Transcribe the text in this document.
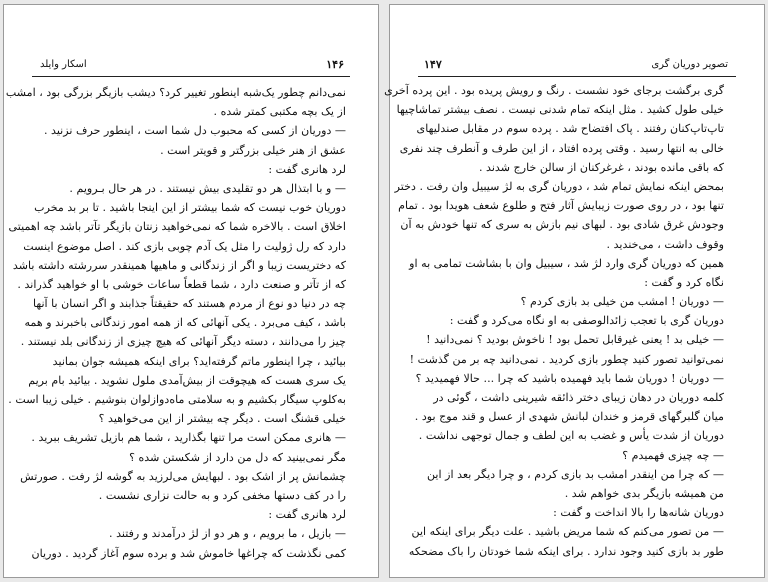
۱۴۶
اسکار وایلد
نمی‌دانم چطور یک‌شبه اینطور تغییر کرد؟ دیشب بازیگر بزرگی بود ، امشب
از یک بچه مکتبی کمتر شده .
— دوریان از کسی که محبوب دل شما است ، اینطور حرف نزنید .
عشق از هنر خیلی بزرگتر و قویتر است .
لرد هانری گفت :
— و با ابتذال هر دو تقلیدی بیش نیستند . در هر حال بـرویم .
دوریان خوب نیست که شما بیشتر از این اینجا باشید . تا بر بد مخرب
اخلاق است . بالاخره شما که نمی‌خواهید زنتان بازیگر تآتر باشد چه اهمیتی
دارد که رل ژولیت را مثل یک آدم چوبی بازی کند . اصل موضوع اینست
که دختریست زیبا و اگر از زندگانی و ماهیها همینقدر سررشته داشته باشد
که از تآتر و صنعت دارد ، شما قطعاً ساعات خوشی با او خواهید گذراند .
چه در دنیا دو نوع از مردم هستند که حقیقتاً جذابند و اگر انسان با آنها
باشد ، کیف می‌برد . یکی آنهائی که از همه امور زندگانی باخبرند و همه
چیز را می‌دانند ، دسته دیگر آنهائی که هیچ چیزی از زندگانی بلد نیستند .
بیائید ، چرا اینطور ماتم گرفته‌اید؟ برای اینکه همیشه جوان بمانید
یک سری هست که هیچوقت از بیش‌آمدی ملول نشوید . بیائید بام بریم
به‌کلوپ سیگار بکشیم و به سلامتی ماه‌دوازلوان بنوشیم . خیلی زیبا است .
خیلی قشنگ است . دیگر چه بیشتر از این می‌خواهید ؟
— هانری ممکن است مرا تنها بگذارید ، شما هم بازیل تشریف ببرید .
مگر نمی‌بینید که دل من دارد از شکستن شده ؟
چشمانش پر از اشک بود . لبهایش می‌لرزید به گوشه لژ رفت . صورتش
را در کف دستها مخفی کرد و به حالت نزاری نشست .
لرد هانری گفت :
— بازیل ، ما برویم ، و هر دو از لژ درآمدند و رفتند .
کمی نگذشت که چراغها خاموش شد و برده سوم آغاز گردید . دوریان
۱۴۷	تصویر دوریان گری
گری برگشت برجای خود نشست . رنگ و رویش پریده بود . این پرده آخری
خیلی طول کشید . مثل اینکه تمام شدنی نیست . نصف بیشتر تماشاچیها
تاپ‌تاپ‌کنان رفتند . پاک افتضاح شد . پرده سوم در مقابل صندلیهای
خالی به انتها رسید . وقتی پرده افتاد ، از این طرف و آنطرف چند نفری
که باقی مانده بودند ، غرغرکنان از سالن خارج شدند .
بمحض اینکه نمایش تمام شد ، دوریان گری به لژ سیبیل وان رفت . دختر
تنها بود ، در روی صورت زیبایش آثار فتح و طلوع شعف هویدا بود . تمام
وجودش غرق شادی بود . لبهای نیم بازش به سری که تنها خودش به آن
وقوف داشت ، می‌خندید .
همین که دوریان گری وارد لژ شد ، سیبیل وان با بشاشت تمامی به او
نگاه کرد و گفت :
— دوریان ! امشب من خیلی بد بازی کردم ؟
دوریان گری با تعجب زائدالوصفی به او نگاه می‌کرد و گفت :
— خیلی بد ! یعنی غیرقابل تحمل بود ! ناخوش بودید ؟ نمی‌دانید !
نمی‌توانید تصور کنید چطور بازی کردید . نمی‌دانید چه بر من گذشت !
— دوریان ! دوریان شما باید فهمیده باشید که چرا ... حالا فهمیدید ؟
کلمه دوریان در دهان زیبای دختر ذائقه شیرینی داشت ، گوئی در
میان گلبرگهای قرمز و خندان لبانش شهدی از عسل و قند موج بود .
دوریان از شدت یأس و غضب به این لطف و جمال توجهی نداشت .
— چه چیزی فهمیدم ؟
— که چرا من اینقدر امشب بد بازی کردم ، و چرا دیگر بعد از این
من همیشه بازیگر بدی خواهم شد .
دوریان شانه‌ها را بالا انداخت و گفت :
— من تصور می‌کنم که شما مریض باشید . علت دیگر برای اینکه این
طور بد بازی کنید وجود ندارد . برای اینکه شما خودتان را باک مضحکه
